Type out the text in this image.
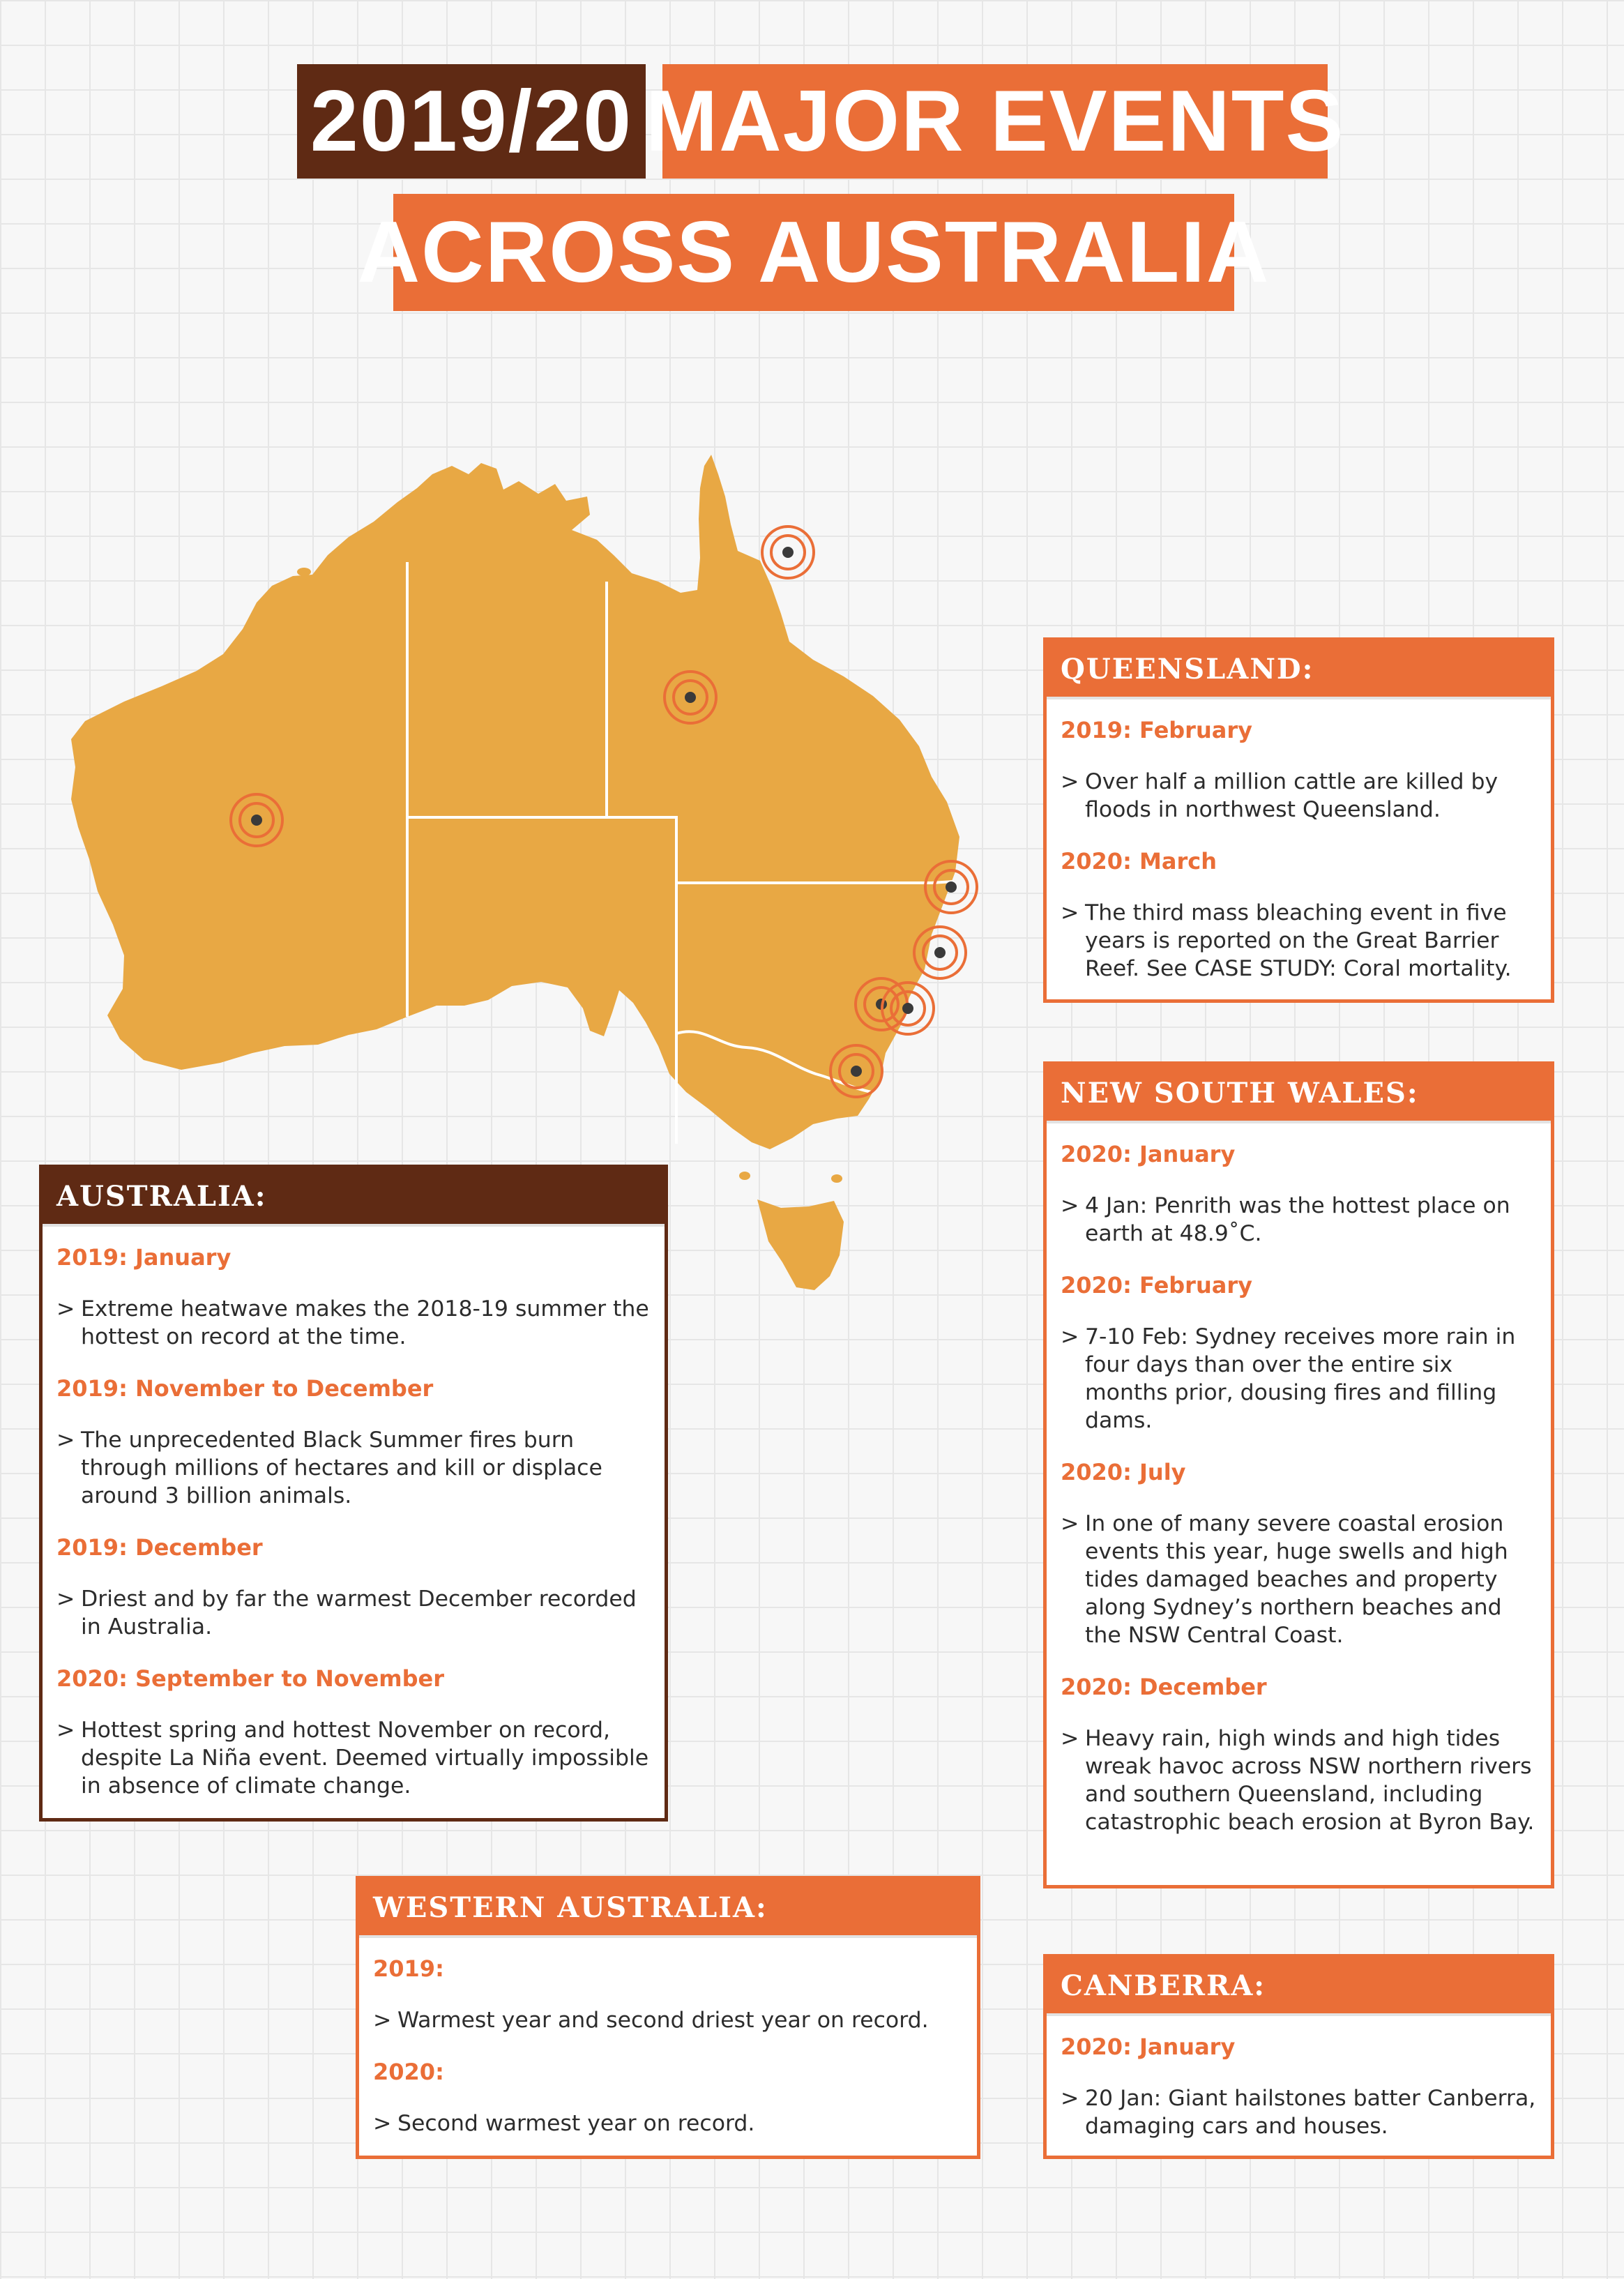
2019/20 MAJOR EVENTS
ACROSS AUSTRALIA
QUEENSLAND:
2019: February
> Over half a million cattle are killed by floods in northwest Queensland.
2020: March
> The third mass bleaching event in five years is reported on the Great Barrier Reef. See CASE STUDY: Coral mortality.
NEW SOUTH WALES:
2020: January
> 4 Jan: Penrith was the hottest place on earth at 48.9˚C.
2020: February
> 7-10 Feb: Sydney receives more rain in four days than over the entire six months prior, dousing fires and filling dams.
2020: July
> In one of many severe coastal erosion events this year, huge swells and high tides damaged beaches and property along Sydney’s northern beaches and the NSW Central Coast.
2020: December
> Heavy rain, high winds and high tides wreak havoc across NSW northern rivers and southern Queensland, including catastrophic beach erosion at Byron Bay.
AUSTRALIA:
2019: January
> Extreme heatwave makes the 2018-19 summer the hottest on record at the time.
2019: November to December
> The unprecedented Black Summer fires burn through millions of hectares and kill or displace around 3 billion animals.
2019: December
> Driest and by far the warmest December recorded in Australia.
2020: September to November
> Hottest spring and hottest November on record, despite La Niña event. Deemed virtually impossible in absence of climate change.
WESTERN AUSTRALIA:
2019:
> Warmest year and second driest year on record.
2020:
> Second warmest year on record.
CANBERRA:
2020: January
> 20 Jan: Giant hailstones batter Canberra, damaging cars and houses.
